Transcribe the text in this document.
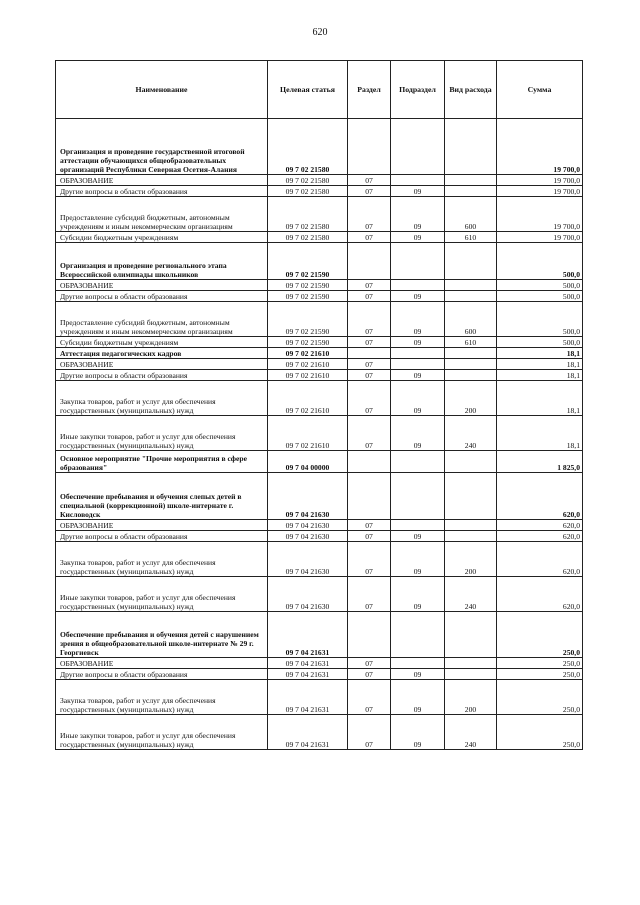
620
Наименование	Целевая статья	Раздел	Подраздел	Вид расхода	Сумма
Организация и проведение государственной итоговой аттестации обучающихся общеобразовательных организаций Республики Северная Осетия-Алания	09 7 02 21580				19 700,0
ОБРАЗОВАНИЕ	09 7 02 21580	07			19 700,0
Другие вопросы в области образования	09 7 02 21580	07	09		19 700,0
Предоставление субсидий бюджетным, автономным учреждениям и иным некоммерческим организациям	09 7 02 21580	07	09	600	19 700,0
Субсидии бюджетным учреждениям	09 7 02 21580	07	09	610	19 700,0
Организация и проведение регионального этапа Всероссийской олимпиады школьников	09 7 02 21590				500,0
ОБРАЗОВАНИЕ	09 7 02 21590	07			500,0
Другие вопросы в области образования	09 7 02 21590	07	09		500,0
Предоставление субсидий бюджетным, автономным учреждениям и иным некоммерческим организациям	09 7 02 21590	07	09	600	500,0
Субсидии бюджетным учреждениям	09 7 02 21590	07	09	610	500,0
Аттестация педагогических кадров	09 7 02 21610				18,1
ОБРАЗОВАНИЕ	09 7 02 21610	07			18,1
Другие вопросы в области образования	09 7 02 21610	07	09		18,1
Закупка товаров, работ и услуг для обеспечения государственных (муниципальных) нужд	09 7 02 21610	07	09	200	18,1
Иные закупки товаров, работ и услуг для обеспечения государственных (муниципальных) нужд	09 7 02 21610	07	09	240	18,1
Основное мероприятие "Прочие мероприятия в сфере образования"	09 7 04 00000				1 825,0
Обеспечение пребывания и обучения слепых детей в специальной (коррекционной) школе-интернате г. Кисловодск	09 7 04 21630				620,0
ОБРАЗОВАНИЕ	09 7 04 21630	07			620,0
Другие вопросы в области образования	09 7 04 21630	07	09		620,0
Закупка товаров, работ и услуг для обеспечения государственных (муниципальных) нужд	09 7 04 21630	07	09	200	620,0
Иные закупки товаров, работ и услуг для обеспечения государственных (муниципальных) нужд	09 7 04 21630	07	09	240	620,0
Обеспечение пребывания и обучения детей с нарушением зрения в общеобразовательной школе-интернате № 29 г. Георгиевск	09 7 04 21631				250,0
ОБРАЗОВАНИЕ	09 7 04 21631	07			250,0
Другие вопросы в области образования	09 7 04 21631	07	09		250,0
Закупка товаров, работ и услуг для обеспечения государственных (муниципальных) нужд	09 7 04 21631	07	09	200	250,0
Иные закупки товаров, работ и услуг для обеспечения государственных (муниципальных) нужд	09 7 04 21631	07	09	240	250,0
